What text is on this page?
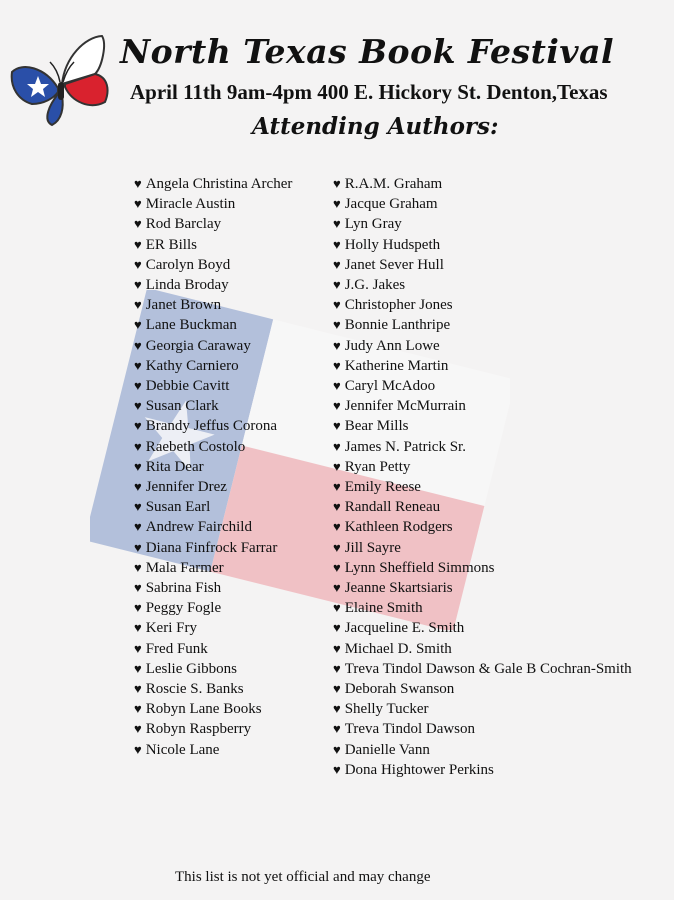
North Texas Book Festival
April 11th 9am-4pm 400 E. Hickory St. Denton,Texas
Attending Authors:
♥ Angela Christina Archer
♥ Miracle Austin
♥ Rod Barclay
♥ ER Bills
♥ Carolyn Boyd
♥ Linda Broday
♥ Janet Brown
♥ Lane Buckman
♥ Georgia Caraway
♥ Kathy Carniero
♥ Debbie Cavitt
♥ Susan Clark
♥ Brandy Jeffus Corona
♥ Raebeth Costolo
♥ Rita Dear
♥ Jennifer Drez
♥ Susan Earl
♥ Andrew Fairchild
♥ Diana Finfrock Farrar
♥ Mala Farmer
♥ Sabrina Fish
♥ Peggy Fogle
♥ Keri Fry
♥ Fred Funk
♥ Leslie Gibbons
♥ Roscie S. Banks
♥ Robyn Lane Books
♥ Robyn Raspberry
♥ Nicole Lane
♥ R.A.M. Graham
♥ Jacque Graham
♥ Lyn Gray
♥ Holly Hudspeth
♥ Janet Sever Hull
♥ J.G. Jakes
♥ Christopher Jones
♥ Bonnie Lanthripe
♥ Judy Ann Lowe
♥ Katherine Martin
♥ Caryl McAdoo
♥ Jennifer McMurrain
♥ Bear Mills
♥ James N. Patrick Sr.
♥ Ryan Petty
♥ Emily Reese
♥ Randall Reneau
♥ Kathleen Rodgers
♥ Jill Sayre
♥ Lynn Sheffield Simmons
♥ Jeanne Skartsiaris
♥ Elaine Smith
♥ Jacqueline E. Smith
♥ Michael D. Smith
♥ Treva Tindol Dawson & Gale B Cochran-Smith
♥ Deborah Swanson
♥ Shelly Tucker
♥ Treva Tindol Dawson
♥ Danielle Vann
♥ Dona Hightower Perkins
This list is not yet official and may change
